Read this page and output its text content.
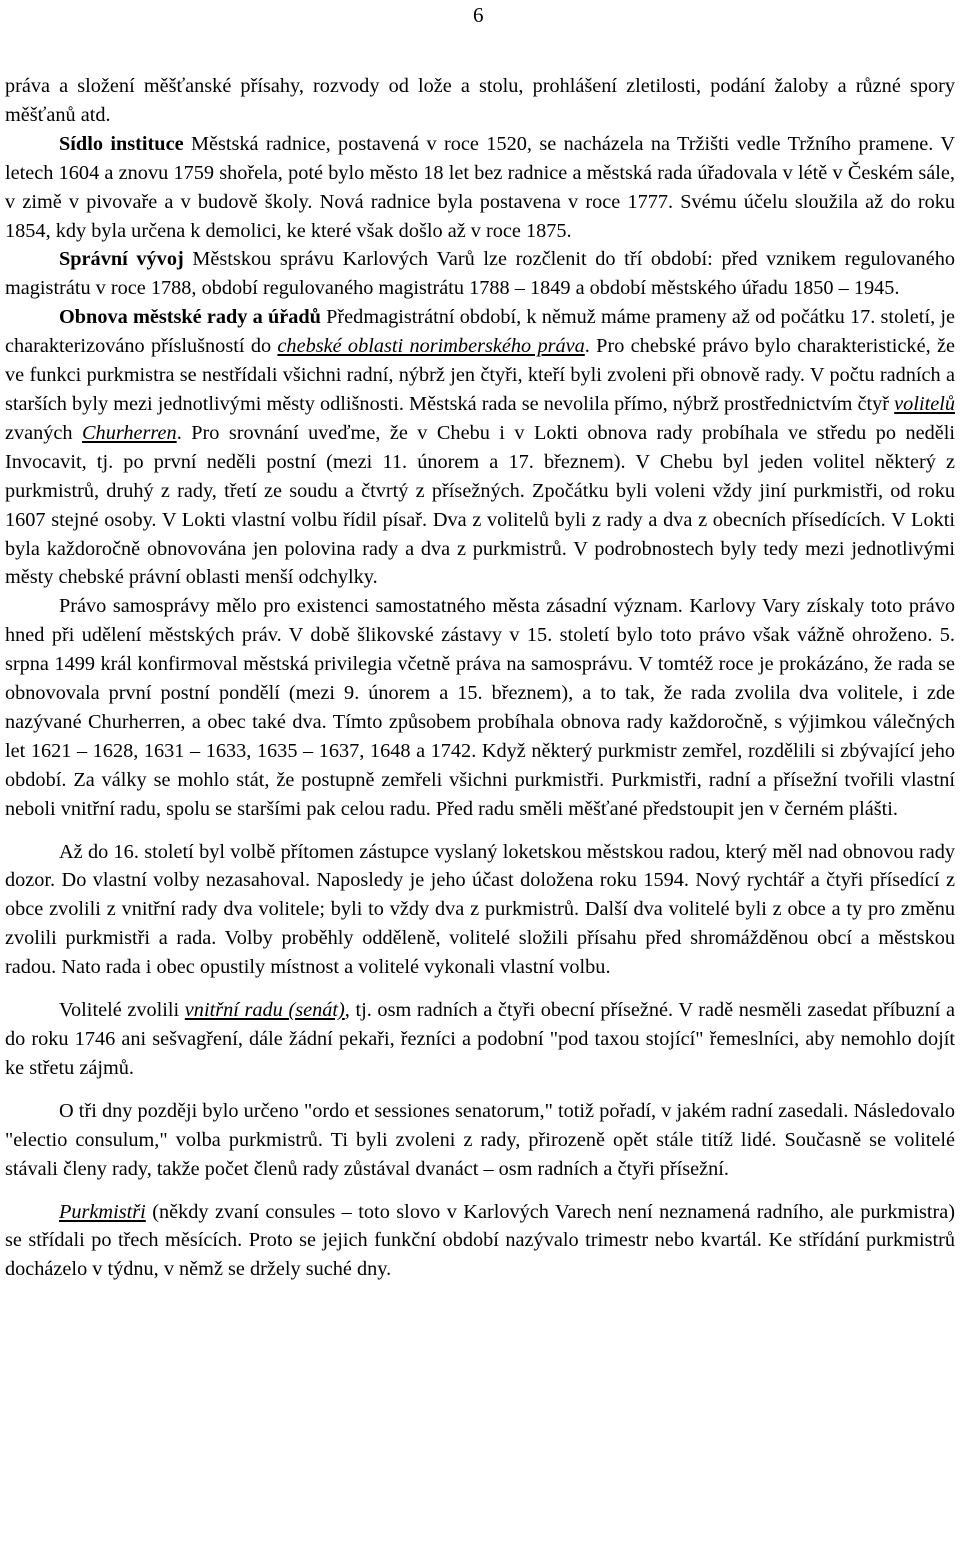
6

práva a složení měšťanské přísahy, rozvody od lože a stolu, prohlášení zletilosti, podání žaloby a různé spory měšťanů atd.

Sídlo instituce Městská radnice, postavená v roce 1520, se nacházela na Tržišti vedle Tržního pramene. V letech 1604 a znovu 1759 shořela, poté bylo město 18 let bez radnice a městská rada úřadovala v létě v Českém sále, v zimě v pivovaře a v budově školy. Nová radnice byla postavena v roce 1777. Svému účelu sloužila až do roku 1854, kdy byla určena k demolici, ke které však došlo až v roce 1875.

Správní vývoj Městskou správu Karlových Varů lze rozčlenit do tří období: před vznikem regulovaného magistrátu v roce 1788, období regulovaného magistrátu 1788 – 1849 a období městského úřadu 1850 – 1945.

Obnova městské rady a úřadů Předmagistrátní období, k němuž máme prameny až od počátku 17. století, je charakterizováno příslušností do chebské oblasti norimberského práva. Pro chebské právo bylo charakteristické, že ve funkci purkmistra se nestřídali všichni radní, nýbrž jen čtyři, kteří byli zvoleni při obnově rady. V počtu radních a starších byly mezi jednotlivými městy odlišnosti. Městská rada se nevolila přímo, nýbrž prostřednictvím čtyř volitelů zvaných Churherren. Pro srovnání uveďme, že v Chebu i v Lokti obnova rady probíhala ve středu po neděli Invocavit, tj. po první neděli postní (mezi 11. únorem a 17. březnem). V Chebu byl jeden volitel některý z purkmistrů, druhý z rady, třetí ze soudu a čtvrtý z přísežných. Zpočátku byli voleni vždy jiní purkmistři, od roku 1607 stejné osoby. V Lokti vlastní volbu řídil písař. Dva z volitelů byli z rady a dva z obecních přísedících. V Lokti byla každoročně obnovována jen polovina rady a dva z purkmistrů. V podrobnostech byly tedy mezi jednotlivými městy chebské právní oblasti menší odchylky.

Právo samosprávy mělo pro existenci samostatného města zásadní význam. Karlovy Vary získaly toto právo hned při udělení městských práv. V době šlikovské zástavy v 15. století bylo toto právo však vážně ohroženo. 5. srpna 1499 král konfirmoval městská privilegia včetně práva na samosprávu. V tomtéž roce je prokázáno, že rada se obnovovala první postní pondělí (mezi 9. únorem a 15. březnem), a to tak, že rada zvolila dva volitele, i zde nazývané Churherren, a obec také dva. Tímto způsobem probíhala obnova rady každoročně, s výjimkou válečných let 1621 – 1628, 1631 – 1633, 1635 – 1637, 1648 a 1742. Když některý purkmistr zemřel, rozdělili si zbývající jeho období. Za války se mohlo stát, že postupně zemřeli všichni purkmistři. Purkmistři, radní a přísežní tvořili vlastní neboli vnitřní radu, spolu se staršími pak celou radu. Před radu směli měšťané předstoupit jen v černém plášti.

Až do 16. století byl volbě přítomen zástupce vyslaný loketskou městskou radou, který měl nad obnovou rady dozor. Do vlastní volby nezasahoval. Naposledy je jeho účast doložena roku 1594. Nový rychtář a čtyři přísedící z obce zvolili z vnitřní rady dva volitele; byli to vždy dva z purkmistrů. Další dva volitelé byli z obce a ty pro změnu zvolili purkmistři a rada. Volby proběhly odděleně, volitelé složili přísahu před shromážděnou obcí a městskou radou. Nato rada i obec opustily místnost a volitelé vykonali vlastní volbu.

Volitelé zvolili vnitřní radu (senát), tj. osm radních a čtyři obecní přísežné. V radě nesměli zasedat příbuzní a do roku 1746 ani sešvagření, dále žádní pekaři, řezníci a podobní "pod taxou stojící" řemeslníci, aby nemohlo dojít ke střetu zájmů.

O tři dny později bylo určeno "ordo et sessiones senatorum," totiž pořadí, v jakém radní zasedali. Následovalo "electio consulum," volba purkmistrů. Ti byli zvoleni z rady, přirozeně opět stále titíž lidé. Současně se volitelé stávali členy rady, takže počet členů rady zůstával dvanáct – osm radních a čtyři přísežní.

Purkmistři (někdy zvaní consules – toto slovo v Karlových Varech není neznamená radního, ale purkmistra) se střídali po třech měsících. Proto se jejich funkční období nazývalo trimestr nebo kvartál. Ke střídání purkmistrů docházelo v týdnu, v němž se držely suché dny.
